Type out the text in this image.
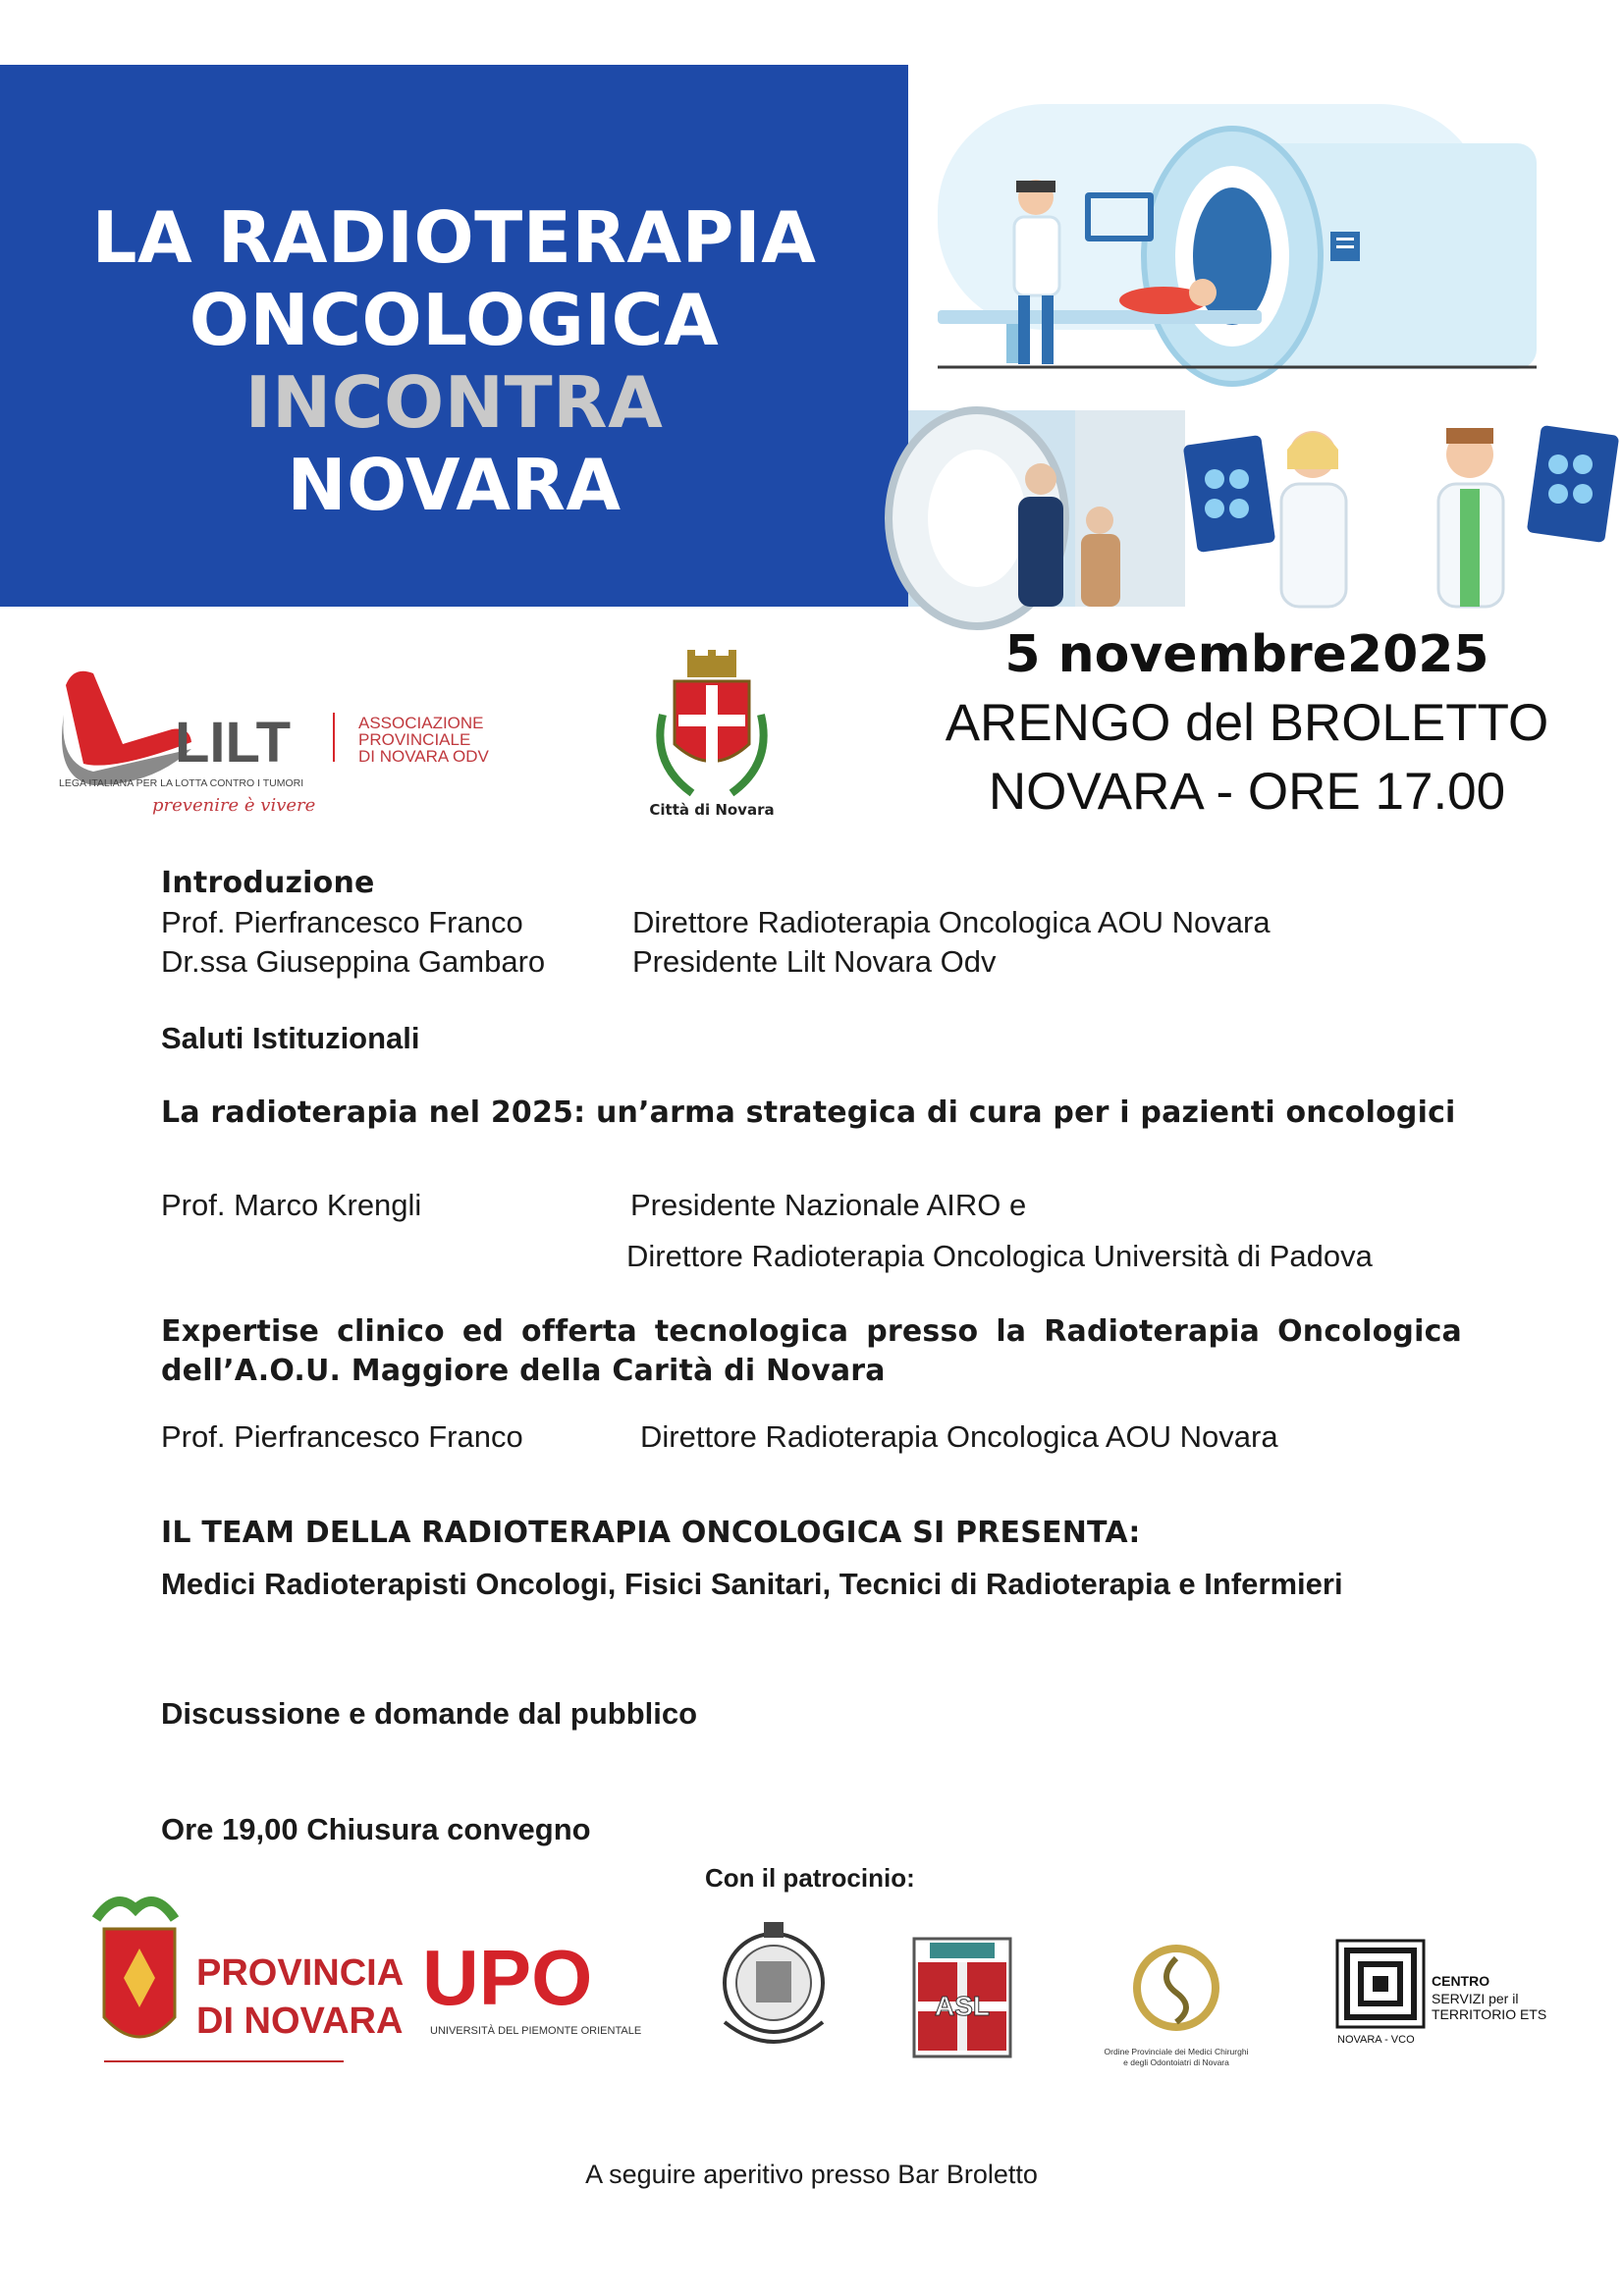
LA RADIOTERAPIA
ONCOLOGICA
INCONTRA
NOVARA
LILT	ASSOCIAZIONE
PROVINCIALE
DI NOVARA ODV
LEGA ITALIANA PER LA LOTTA CONTRO I TUMORI
prevenire è vivere	Città di Novara
5 novembre2025
ARENGO del BROLETTO
NOVARA - ORE 17.00
Introduzione
Prof. Pierfrancesco Franco	Direttore Radioterapia Oncologica AOU Novara
Dr.ssa Giuseppina Gambaro	Presidente Lilt Novara Odv
Saluti Istituzionali
La radioterapia nel 2025: un’arma strategica di cura per i pazienti oncologici
Prof. Marco Krengli	Presidente Nazionale AIRO e
Direttore Radioterapia Oncologica Università di Padova
Expertise clinico ed offerta tecnologica presso la Radioterapia Oncologica dell’A.O.U. Maggiore della Carità di Novara
Prof. Pierfrancesco Franco	Direttore Radioterapia Oncologica AOU Novara
IL TEAM DELLA RADIOTERAPIA ONCOLOGICA SI PRESENTA:
Medici Radioterapisti Oncologi, Fisici Sanitari, Tecnici di Radioterapia e Infermieri
Discussione e domande dal pubblico
Ore 19,00 Chiusura convegno
Con il patrocinio:
PROVINCIA
DI NOVARA UPO
UNIVERSITÀ DEL PIEMONTE ORIENTALE
ASL
Ordine Provinciale dei Medici Chirurghi
e degli Odontoiatri di Novara
CENTRO
SERVIZI per il
TERRITORIO ETS
NOVARA - VCO
A seguire aperitivo presso Bar Broletto
